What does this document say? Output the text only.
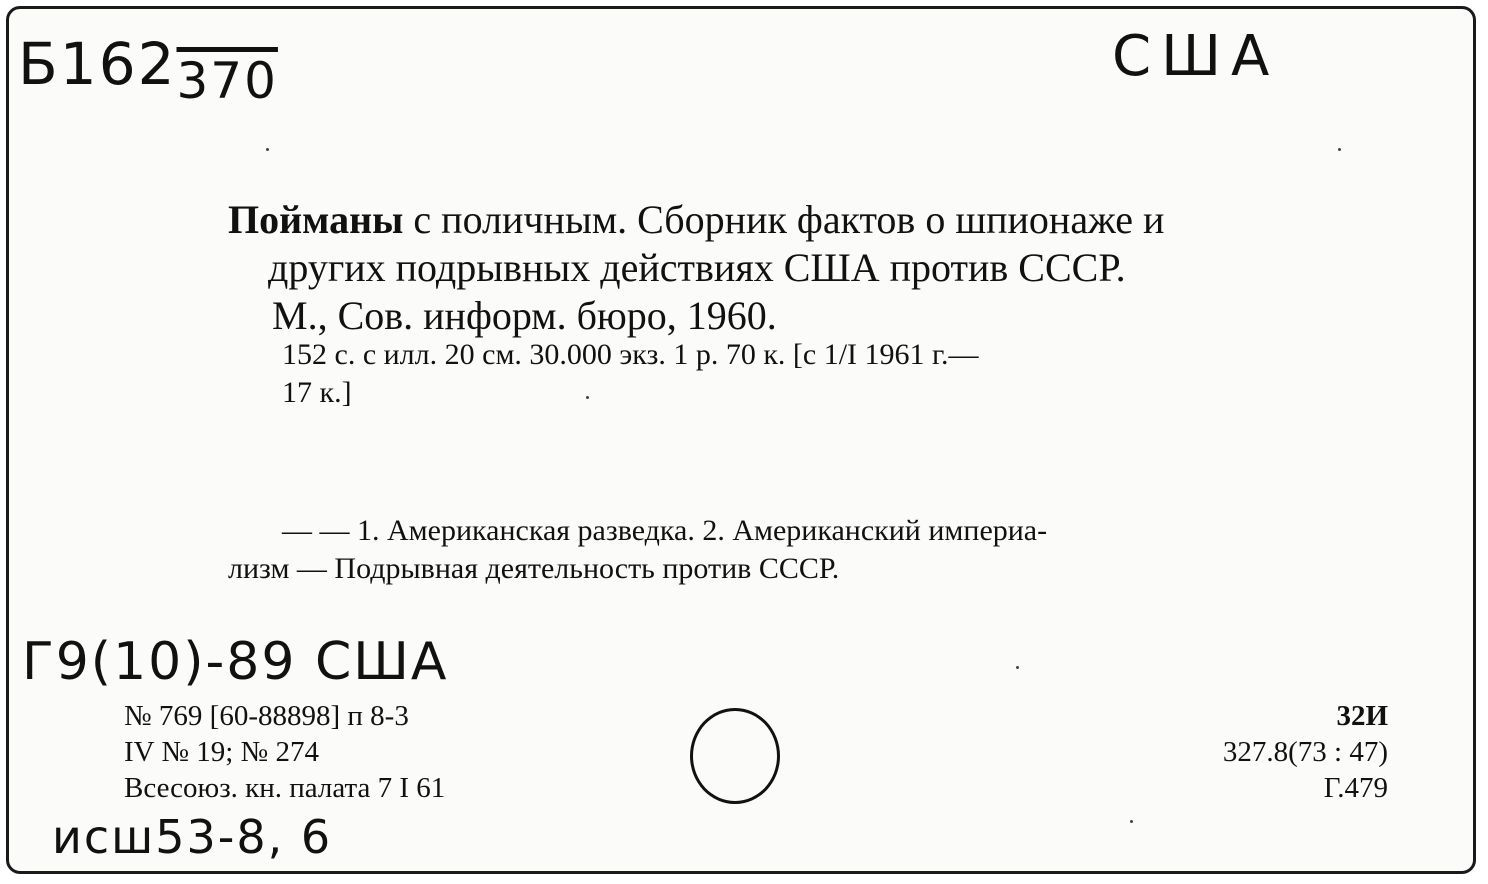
Б162370	США
Пойманы с поличным. Сборник фактов о шпионаже и
других подрывных действиях США против СССР.
М., Сов. информ. бюро, 1960.
152 с. с илл. 20 см. 30.000 экз. 1 р. 70 к. [с 1/I 1961 г.—
17 к.]
— — 1. Американская разведка. 2. Американский империа-
лизм — Подрывная деятельность против СССР.
Г9(10)-89 США
№ 769 [60-88898] п 8-3
IV № 19; № 274
Всесоюз. кн. палата 7 I 61
32И
327.8(73 : 47)
Г.479
исш53-8, 6
